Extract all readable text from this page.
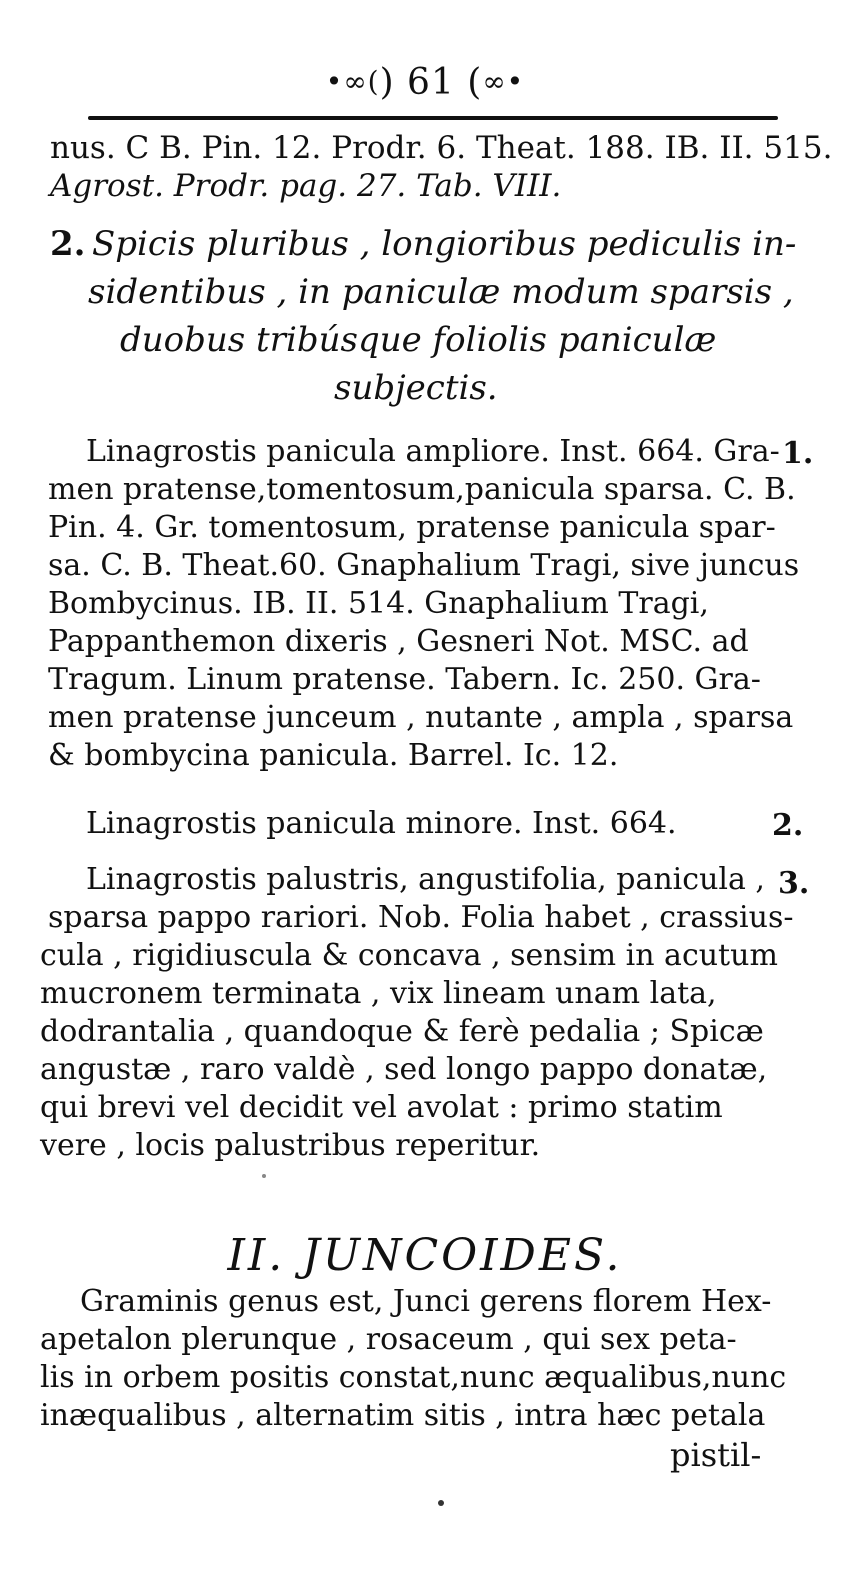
•∞() 61 (∞•
nus. C B. Pin. 12. Prodr. 6. Theat. 188. IB. II. 515.
Agrost. Prodr. pag. 27. Tab. VIII.
2. Spicis pluribus , longioribus pediculis in-
sidentibus , in paniculæ modum sparsis ,
duobus tribúsque foliolis paniculæ
subjectis.
Linagrostis panicula ampliore. Inst. 664. Gra- 1.
men pratense,tomentosum,panicula sparsa. C. B.
Pin. 4. Gr. tomentosum, pratense panicula spar-
sa. C. B. Theat.60. Gnaphalium Tragi, sive juncus
Bombycinus. IB. II. 514. Gnaphalium Tragi,
Pappanthemon dixeris , Gesneri Not. MSC. ad
Tragum. Linum pratense. Tabern. Ic. 250. Gra-
men pratense junceum , nutante , ampla , sparsa
& bombycina panicula. Barrel. Ic. 12.
Linagrostis panicula minore. Inst. 664.	2.
Linagrostis palustris, angustifolia, panicula , 3.
sparsa pappo rariori. Nob. Folia habet , crassius-
cula , rigidiuscula & concava , sensim in acutum
mucronem terminata , vix lineam unam lata,
dodrantalia , quandoque & ferè pedalia ; Spicæ
angustæ , raro valdè , sed longo pappo donatæ,
qui brevi vel decidit vel avolat : primo statim
vere , locis palustribus reperitur.
II. JUNCOIDES.
Graminis genus est, Junci gerens florem Hex-
apetalon plerunque , rosaceum , qui sex peta-
lis in orbem positis constat,nunc æqualibus,nunc
inæqualibus , alternatim sitis , intra hæc petala
pistil-
